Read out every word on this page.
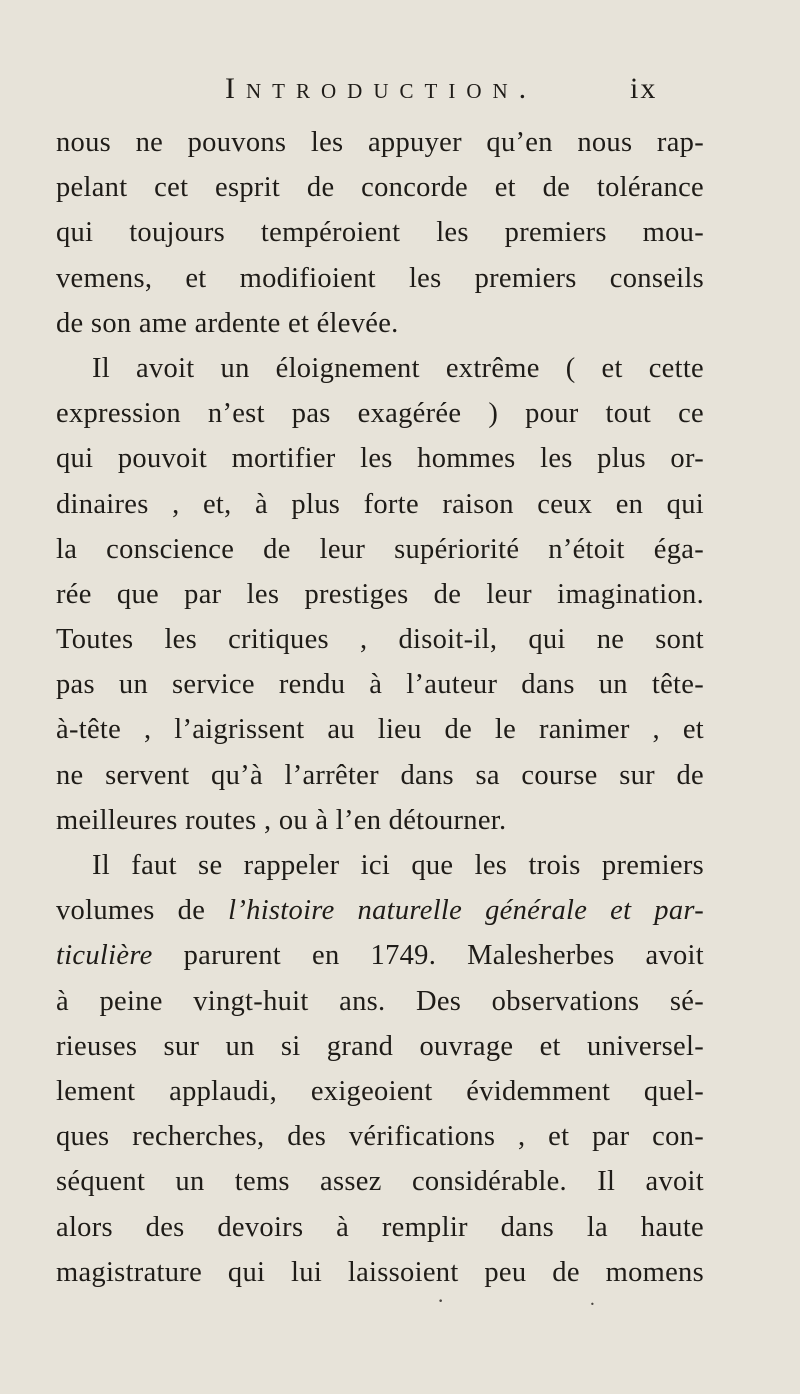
Introduction.	ix
nous ne pouvons les appuyer qu’en nous rap-
pelant cet esprit de concorde et de tolérance
qui toujours tempéroient les premiers mou-
vemens, et modifioient les premiers conseils
de son ame ardente et élevée.
Il avoit un éloignement extrême ( et cette
expression n’est pas exagérée ) pour tout ce
qui pouvoit mortifier les hommes les plus or-
dinaires , et, à plus forte raison ceux en qui
la conscience de leur supériorité n’étoit éga-
rée que par les prestiges de leur imagination.
Toutes les critiques , disoit-il, qui ne sont
pas un service rendu à l’auteur dans un tête-
à-tête , l’aigrissent au lieu de le ranimer , et
ne servent qu’à l’arrêter dans sa course sur de
meilleures routes , ou à l’en détourner.
Il faut se rappeler ici que les trois premiers
volumes de l’histoire naturelle générale et par-
ticulière parurent en 1749. Malesherbes avoit
à peine vingt-huit ans. Des observations sé-
rieuses sur un si grand ouvrage et universel-
lement applaudi, exigeoient évidemment quel-
ques recherches, des vérifications , et par con-
séquent un tems assez considérable. Il avoit
alors des devoirs à remplir dans la haute
magistrature qui lui laissoient peu de momens
•	•
